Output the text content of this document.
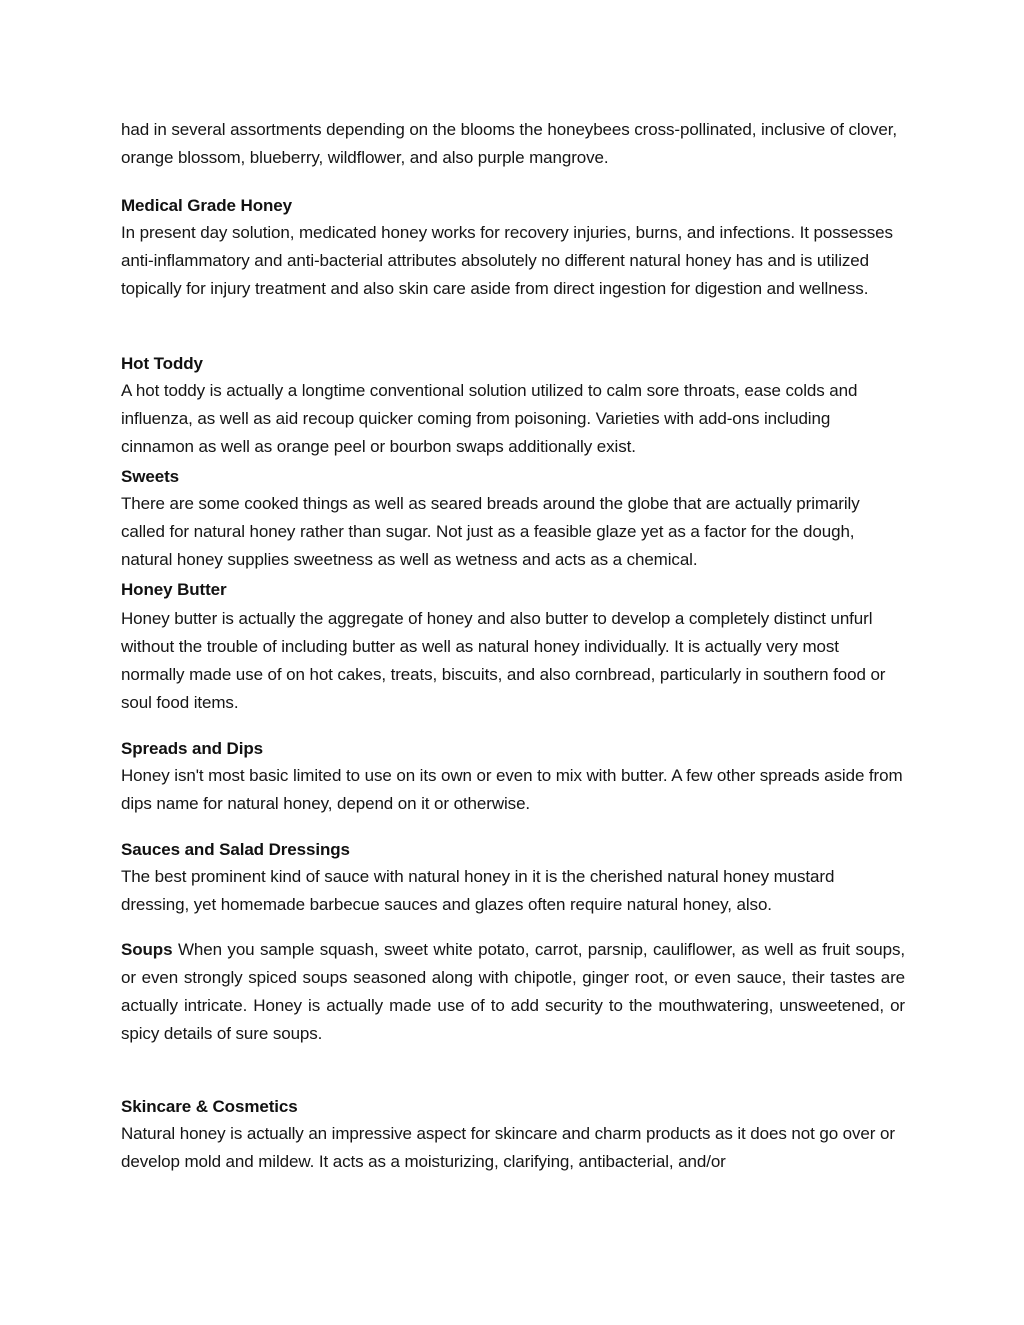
had in several assortments depending on the blooms the honeybees cross-pollinated, inclusive of clover, orange blossom, blueberry, wildflower, and also purple mangrove.

Medical Grade Honey

In present day solution, medicated honey works for recovery injuries, burns, and infections. It possesses anti-inflammatory and anti-bacterial attributes absolutely no different natural honey has and is utilized topically for injury treatment and also skin care aside from direct ingestion for digestion and wellness.

Hot Toddy

A hot toddy is actually a longtime conventional solution utilized to calm sore throats, ease colds and influenza, as well as aid recoup quicker coming from poisoning. Varieties with add-ons including cinnamon as well as orange peel or bourbon swaps additionally exist.

Sweets

There are some cooked things as well as seared breads around the globe that are actually primarily called for natural honey rather than sugar. Not just as a feasible glaze yet as a factor for the dough, natural honey supplies sweetness as well as wetness and acts as a chemical.

Honey Butter

Honey butter is actually the aggregate of honey and also butter to develop a completely distinct unfurl without the trouble of including butter as well as natural honey individually. It is actually very most normally made use of on hot cakes, treats, biscuits, and also cornbread, particularly in southern food or soul food items.

Spreads and Dips

Honey isn't most basic limited to use on its own or even to mix with butter. A few other spreads aside from dips name for natural honey, depend on it or otherwise.

Sauces and Salad Dressings

The best prominent kind of sauce with natural honey in it is the cherished natural honey mustard dressing, yet homemade barbecue sauces and glazes often require natural honey, also.

Soups When you sample squash, sweet white potato, carrot, parsnip, cauliflower, as well as fruit soups, or even strongly spiced soups seasoned along with chipotle, ginger root, or even sauce, their tastes are actually intricate. Honey is actually made use of to add security to the mouthwatering, unsweetened, or spicy details of sure soups.

Skincare & Cosmetics

Natural honey is actually an impressive aspect for skincare and charm products as it does not go over or develop mold and mildew. It acts as a moisturizing, clarifying, antibacterial, and/or
